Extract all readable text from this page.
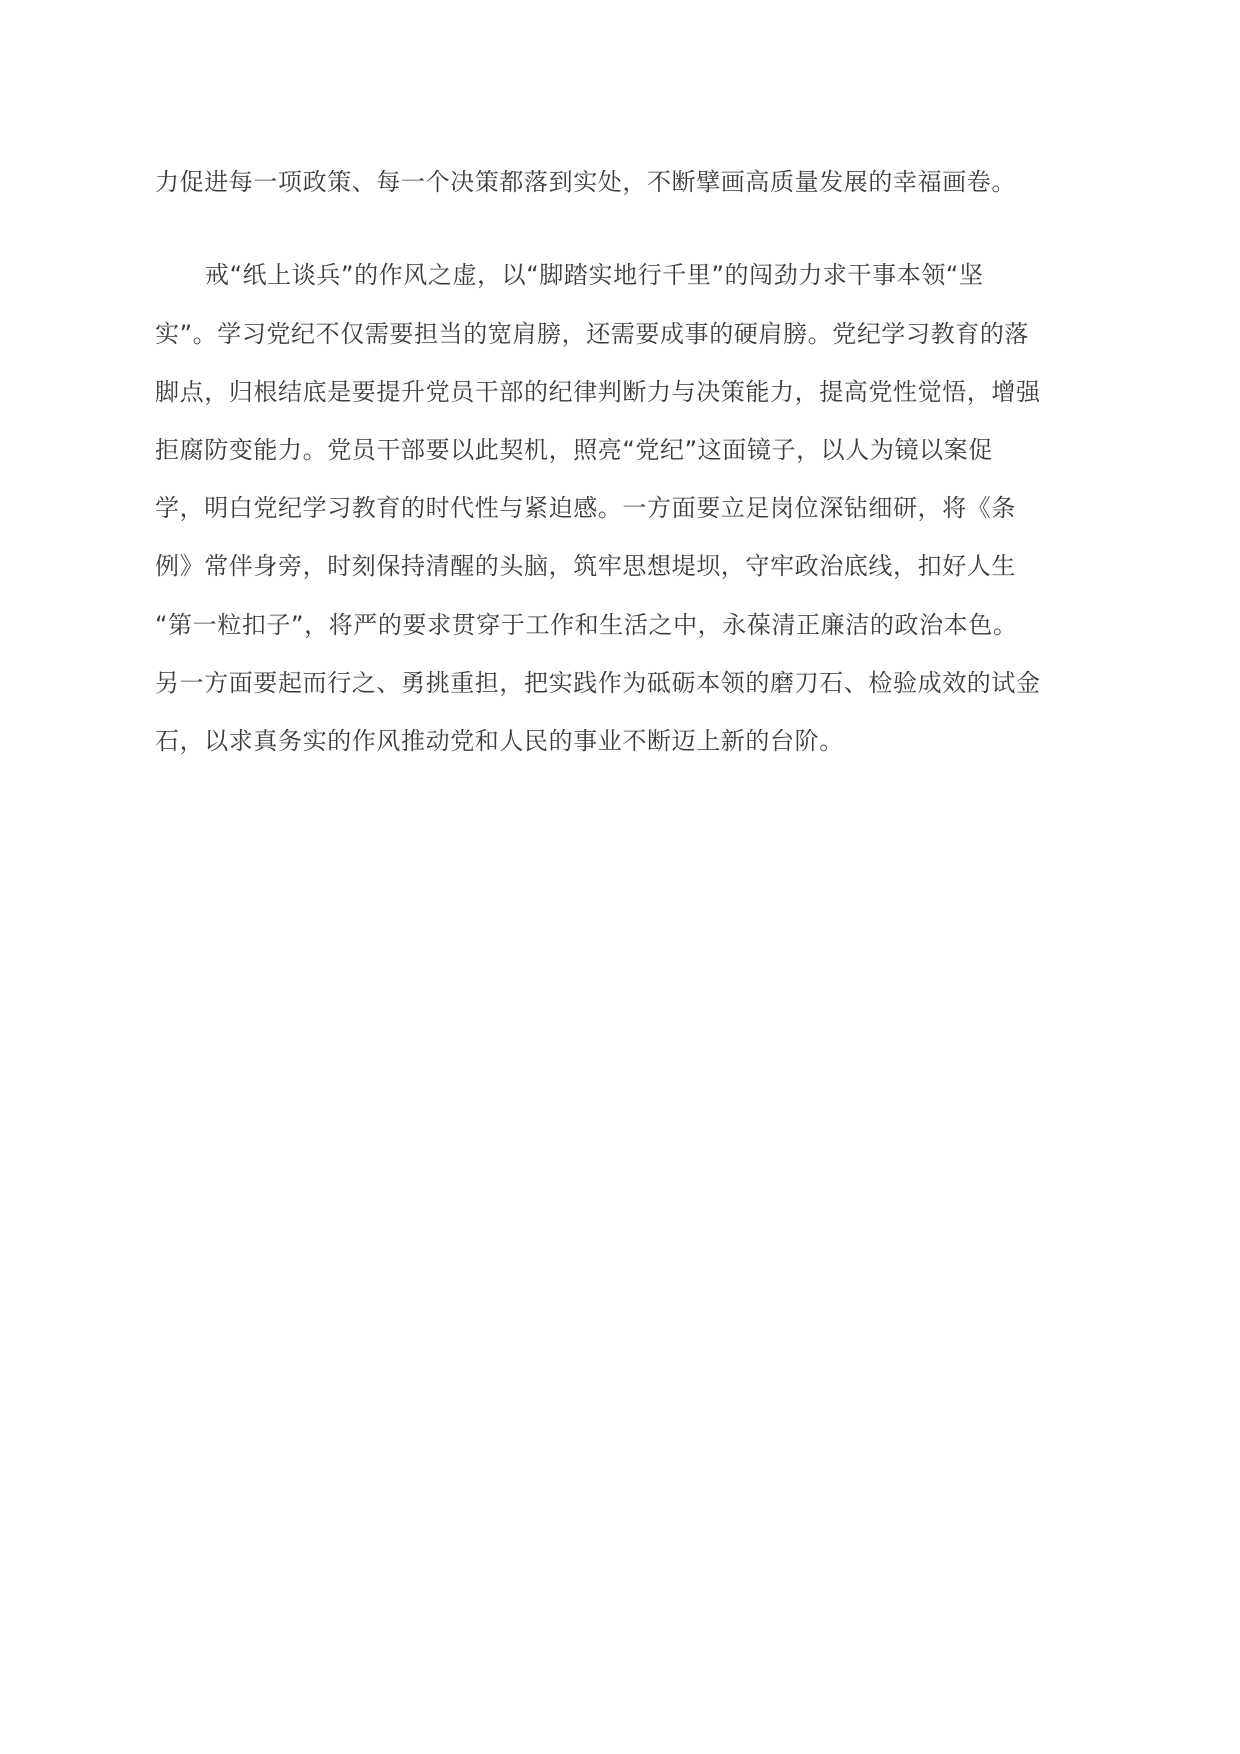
力促进每一项政策、每一个决策都落到实处，不断擘画高质量发展的幸福画卷。
戒“纸上谈兵”的作风之虚，以“脚踏实地行千里”的闯劲力求干事本领“坚
实”。学习党纪不仅需要担当的宽肩膀，还需要成事的硬肩膀。党纪学习教育的落
脚点，归根结底是要提升党员干部的纪律判断力与决策能力，提高党性觉悟，增强
拒腐防变能力。党员干部要以此契机，照亮“党纪”这面镜子，以人为镜以案促
学，明白党纪学习教育的时代性与紧迫感。一方面要立足岗位深钻细研，将《条
例》常伴身旁，时刻保持清醒的头脑，筑牢思想堤坝，守牢政治底线，扣好人生
“第一粒扣子”，将严的要求贯穿于工作和生活之中，永葆清正廉洁的政治本色。
另一方面要起而行之、勇挑重担，把实践作为砥砺本领的磨刀石、检验成效的试金
石，以求真务实的作风推动党和人民的事业不断迈上新的台阶。
